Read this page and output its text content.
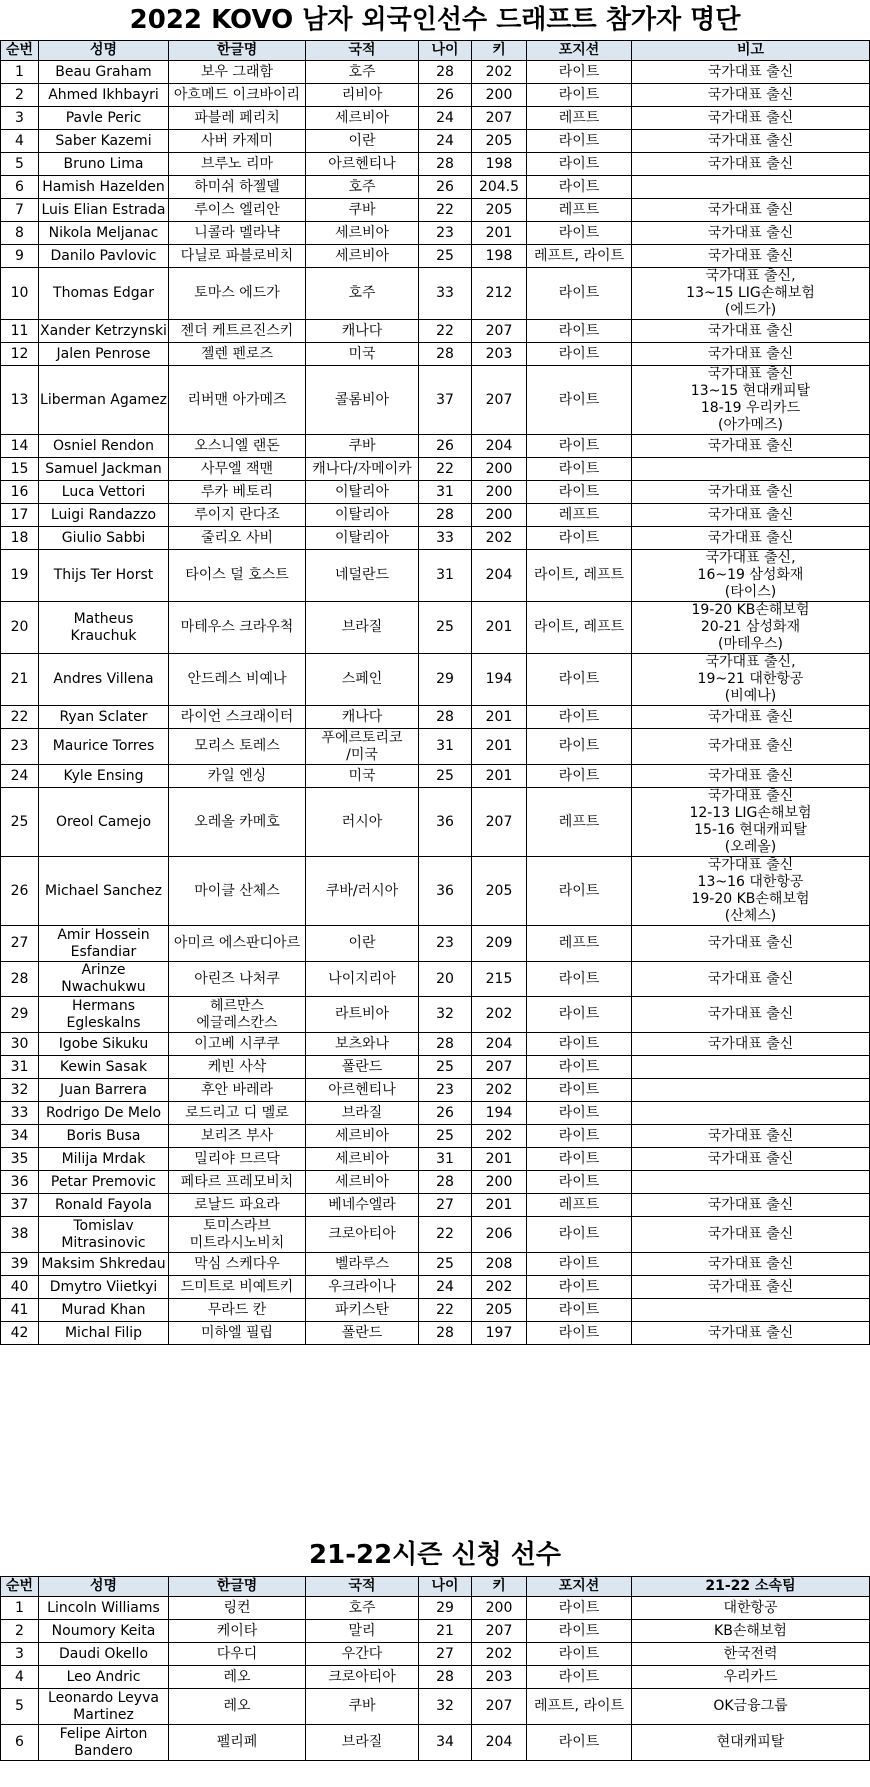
2022 KOVO 남자 외국인선수 드래프트 참가자 명단
순번	성명	한글명	국적	나이	키	포지션	비고
1	Beau Graham	보우 그래함	호주	28	202	라이트	국가대표 출신
2	Ahmed Ikhbayri	아흐메드 이크바이리	리비아	26	200	라이트	국가대표 출신
3	Pavle Peric	파블레 페리치	세르비아	24	207	레프트	국가대표 출신
4	Saber Kazemi	사버 카제미	이란	24	205	라이트	국가대표 출신
5	Bruno Lima	브루노 리마	아르헨티나	28	198	라이트	국가대표 출신
6	Hamish Hazelden	하미쉬 하젤델	호주	26	204.5	라이트	
7	Luis Elian Estrada	루이스 엘리안	쿠바	22	205	레프트	국가대표 출신
8	Nikola Meljanac	니콜라 멜라냑	세르비아	23	201	라이트	국가대표 출신
9	Danilo Pavlovic	다닐로 파블로비치	세르비아	25	198	레프트, 라이트	국가대표 출신
10	Thomas Edgar	토마스 에드가	호주	33	212	라이트	국가대표 출신,
13~15 LIG손해보험
(에드가)
11	Xander Ketrzynski	젠더 케트르진스키	캐나다	22	207	라이트	국가대표 출신
12	Jalen Penrose	젤렌 펜로즈	미국	28	203	라이트	국가대표 출신
13	Liberman Agamez	리버맨 아가메즈	콜롬비아	37	207	라이트	국가대표 출신
13~15 현대캐피탈
18-19 우리카드
(아가메즈)
14	Osniel Rendon	오스니엘 랜돈	쿠바	26	204	라이트	국가대표 출신
15	Samuel Jackman	사무엘 잭맨	캐나다/자메이카	22	200	라이트	
16	Luca Vettori	루카 베토리	이탈리아	31	200	라이트	국가대표 출신
17	Luigi Randazzo	루이지 란다조	이탈리아	28	200	레프트	국가대표 출신
18	Giulio Sabbi	줄리오 사비	이탈리아	33	202	라이트	국가대표 출신
19	Thijs Ter Horst	타이스 덜 호스트	네덜란드	31	204	라이트, 레프트	국가대표 출신,
16~19 삼성화재
(타이스)
20	Matheus Krauchuk	마테우스 크라우척	브라질	25	201	라이트, 레프트	19-20 KB손해보험
20-21 삼성화재
(마테우스)
21	Andres Villena	안드레스 비예나	스페인	29	194	라이트	국가대표 출신,
19~21 대한항공
(비예나)
22	Ryan Sclater	라이언 스크래이터	캐나다	28	201	라이트	국가대표 출신
23	Maurice Torres	모리스 토레스	푸에르토리코
/미국	31	201	라이트	국가대표 출신
24	Kyle Ensing	카일 엔싱	미국	25	201	라이트	국가대표 출신
25	Oreol Camejo	오레올 카메호	러시아	36	207	레프트	국가대표 출신
12-13 LIG손해보험
15-16 현대캐피탈
(오레올)
26	Michael Sanchez	마이클 산체스	쿠바/러시아	36	205	라이트	국가대표 출신
13~16 대한항공
19-20 KB손해보험
(산체스)
27	Amir Hossein
Esfandiar	아미르 에스판디아르	이란	23	209	레프트	국가대표 출신
28	Arinze Nwachukwu	아린즈 나처쿠	나이지리아	20	215	라이트	국가대표 출신
29	Hermans
Egleskalns	헤르만스
에글레스칸스	라트비아	32	202	라이트	국가대표 출신
30	Igobe Sikuku	이고베 시쿠쿠	보츠와나	28	204	라이트	국가대표 출신
31	Kewin Sasak	케빈 사삭	폴란드	25	207	라이트	
32	Juan Barrera	후안 바레라	아르헨티나	23	202	라이트	
33	Rodrigo De Melo	로드리고 디 멜로	브라질	26	194	라이트	
34	Boris Busa	보리즈 부사	세르비아	25	202	라이트	국가대표 출신
35	Milija Mrdak	밀리야 므르닥	세르비아	31	201	라이트	국가대표 출신
36	Petar Premovic	페타르 프레모비치	세르비아	28	200	라이트	
37	Ronald Fayola	로날드 파요라	베네수엘라	27	201	레프트	국가대표 출신
38	Tomislav
Mitrasinovic	토미스라브
미트라시노비치	크로아티아	22	206	라이트	국가대표 출신
39	Maksim Shkredau	막심 스케다우	벨라루스	25	208	라이트	국가대표 출신
40	Dmytro Viietkyi	드미트로 비예트키	우크라이나	24	202	라이트	국가대표 출신
41	Murad Khan	무라드 칸	파키스탄	22	205	라이트	
42	Michal Filip	미하엘 필립	폴란드	28	197	라이트	국가대표 출신
21-22시즌 신청 선수
순번	성명	한글명	국적	나이	키	포지션	21-22 소속팀
1	Lincoln Williams	링컨	호주	29	200	라이트	대한항공
2	Noumory Keita	케이타	말리	21	207	라이트	KB손해보험
3	Daudi Okello	다우디	우간다	27	202	라이트	한국전력
4	Leo Andric	레오	크로아티아	28	203	라이트	우리카드
5	Leonardo Leyva
Martinez	레오	쿠바	32	207	레프트, 라이트	OK금융그룹
6	Felipe Airton
Bandero	펠리페	브라질	34	204	라이트	현대캐피탈
